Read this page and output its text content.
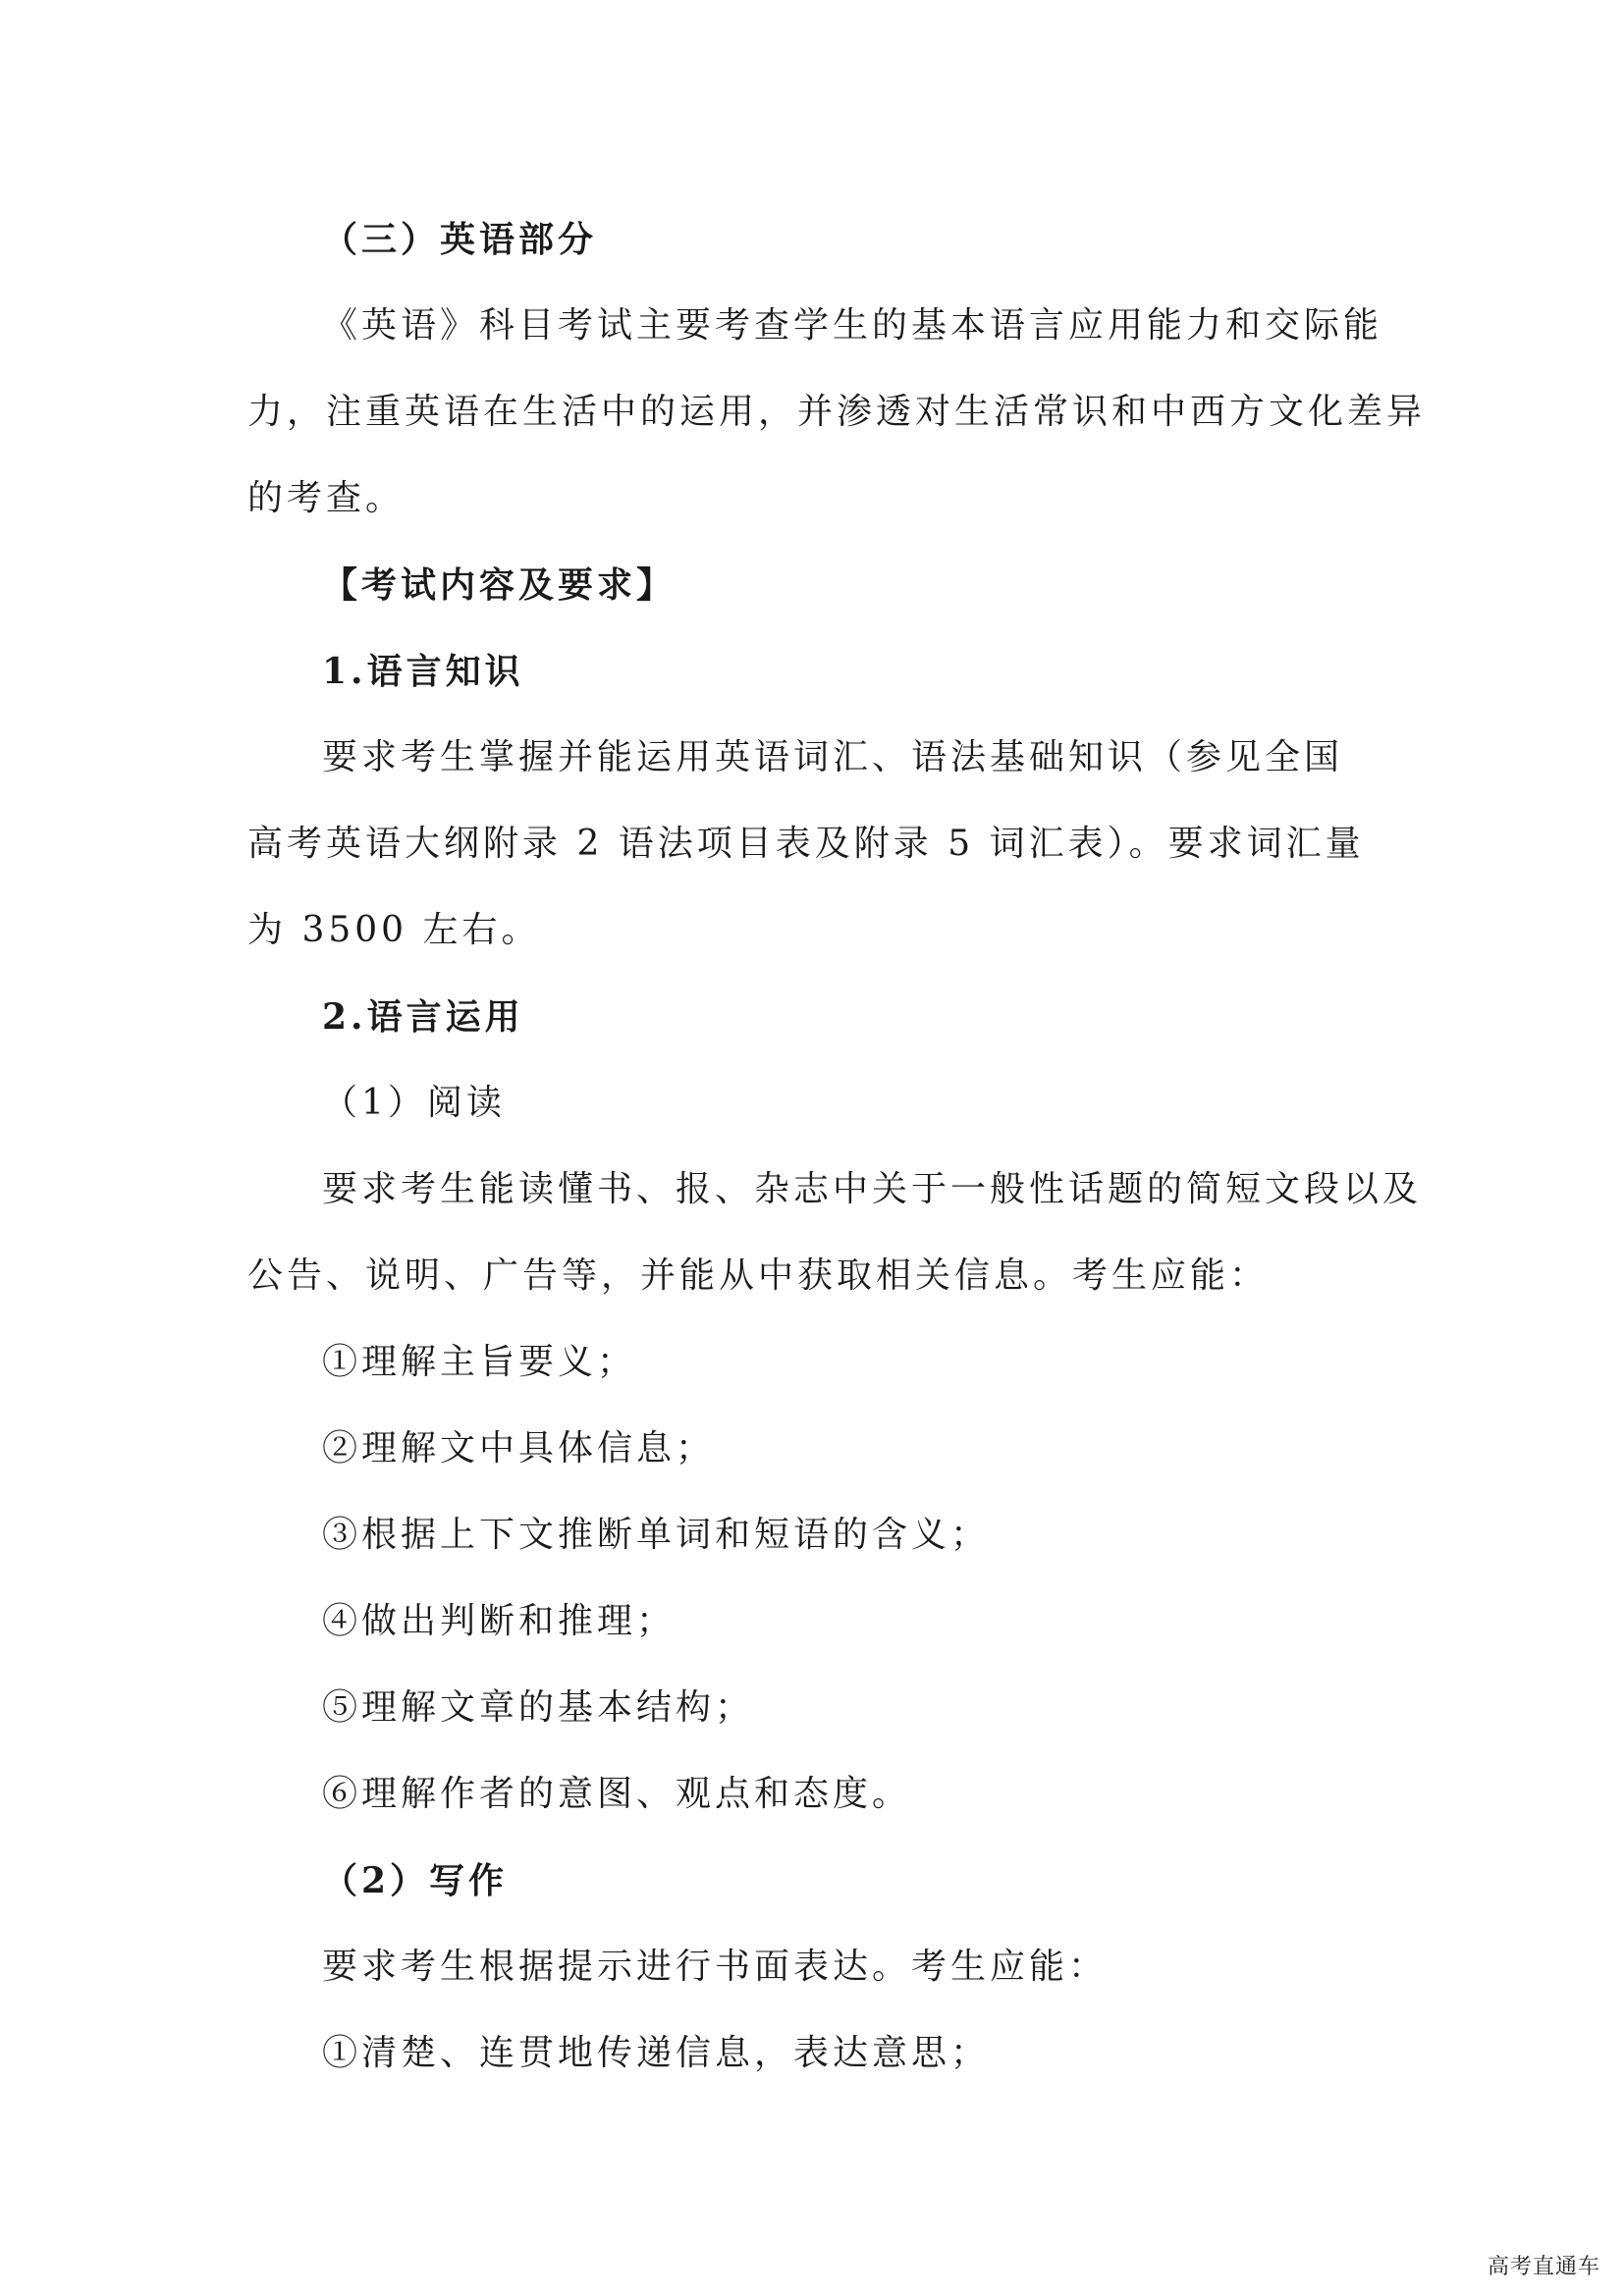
（三）英语部分
《英语》科目考试主要考查学生的基本语言应用能力和交际能
力，注重英语在生活中的运用，并渗透对生活常识和中西方文化差异
的考查。
【考试内容及要求】
1.语言知识
要求考生掌握并能运用英语词汇、语法基础知识（参见全国
高考英语大纲附录 2 语法项目表及附录 5 词汇表）。要求词汇量
为 3500 左右。
2.语言运用
（1）阅读
要求考生能读懂书、报、杂志中关于一般性话题的简短文段以及
公告、说明、广告等，并能从中获取相关信息。考生应能：
①理解主旨要义；
②理解文中具体信息；
③根据上下文推断单词和短语的含义；
④做出判断和推理；
⑤理解文章的基本结构；
⑥理解作者的意图、观点和态度。
（2）写作
要求考生根据提示进行书面表达。考生应能：
①清楚、连贯地传递信息，表达意思；
高考直通车
